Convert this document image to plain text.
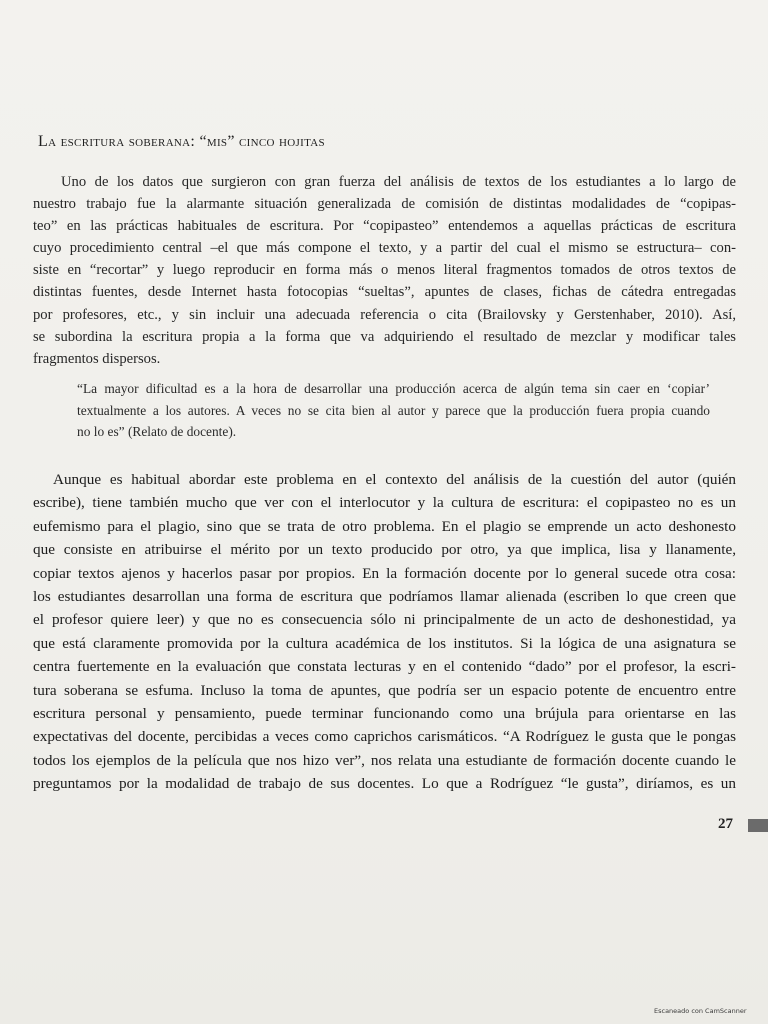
La escritura soberana: “mis” cinco hojitas
Uno de los datos que surgieron con gran fuerza del análisis de textos de los estudiantes a lo largo de
nuestro trabajo fue la alarmante situación generalizada de comisión de distintas modalidades de “copipas-
teo” en las prácticas habituales de escritura. Por “copipasteo” entendemos a aquellas prácticas de escritura
cuyo procedimiento central –el que más compone el texto, y a partir del cual el mismo se estructura– con-
siste en “recortar” y luego reproducir en forma más o menos literal fragmentos tomados de otros textos de
distintas fuentes, desde Internet hasta fotocopias “sueltas”, apuntes de clases, fichas de cátedra entregadas
por profesores, etc., y sin incluir una adecuada referencia o cita (Brailovsky y Gerstenhaber, 2010). Así,
se subordina la escritura propia a la forma que va adquiriendo el resultado de mezclar y modificar tales
fragmentos dispersos.
“La mayor dificultad es a la hora de desarrollar una producción acerca de algún tema sin caer en ‘copiar’
textualmente a los autores. A veces no se cita bien al autor y parece que la producción fuera propia cuando
no lo es” (Relato de docente).
Aunque es habitual abordar este problema en el contexto del análisis de la cuestión del autor (quién
escribe), tiene también mucho que ver con el interlocutor y la cultura de escritura: el copipasteo no es un
eufemismo para el plagio, sino que se trata de otro problema. En el plagio se emprende un acto deshonesto
que consiste en atribuirse el mérito por un texto producido por otro, ya que implica, lisa y llanamente,
copiar textos ajenos y hacerlos pasar por propios. En la formación docente por lo general sucede otra cosa:
los estudiantes desarrollan una forma de escritura que podríamos llamar alienada (escriben lo que creen que
el profesor quiere leer) y que no es consecuencia sólo ni principalmente de un acto de deshonestidad, ya
que está claramente promovida por la cultura académica de los institutos. Si la lógica de una asignatura se
centra fuertemente en la evaluación que constata lecturas y en el contenido “dado” por el profesor, la escri-
tura soberana se esfuma. Incluso la toma de apuntes, que podría ser un espacio potente de encuentro entre
escritura personal y pensamiento, puede terminar funcionando como una brújula para orientarse en las
expectativas del docente, percibidas a veces como caprichos carismáticos. “A Rodríguez le gusta que le pongas
todos los ejemplos de la película que nos hizo ver”, nos relata una estudiante de formación docente cuando le
preguntamos por la modalidad de trabajo de sus docentes. Lo que a Rodríguez “le gusta”, diríamos, es un
27
Escaneado con CamScanner
